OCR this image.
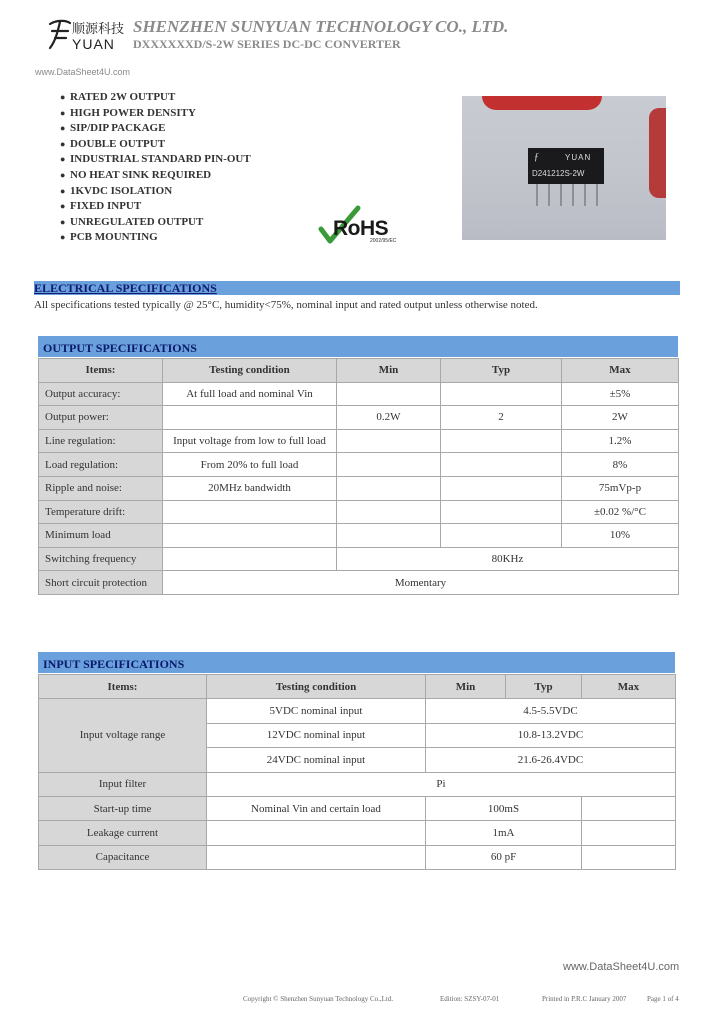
顺源科技
YUAN
SHENZHEN SUNYUAN TECHNOLOGY CO., LTD.
DXXXXXXD/S-2W SERIES DC-DC CONVERTER
www.DataSheet4U.com
● RATED 2W OUTPUT
● HIGH POWER DENSITY
● SIP/DIP PACKAGE
● DOUBLE OUTPUT
● INDUSTRIAL STANDARD PIN-OUT
● NO HEAT SINK REQUIRED
● 1KVDC ISOLATION
● FIXED INPUT
● UNREGULATED OUTPUT
● PCB MOUNTING	RoHS
2002/95/EC
ƒ	YUAN
D241212S-2W
ELECTRICAL SPECIFICATIONS
All specifications tested typically @ 25°C, humidity<75%, nominal input and rated output unless otherwise noted.
OUTPUT SPECIFICATIONS
Items:	Testing condition	Min	Typ	Max
Output accuracy:	At full load and nominal Vin			±5%
Output power:		0.2W	2	2W
Line regulation:	Input voltage from low to full load			1.2%
Load regulation:	From 20% to full load			8%
Ripple and noise:	20MHz bandwidth			75mVp-p
Temperature drift:				±0.02 %/°C
Minimum load				10%
Switching frequency		80KHz		
Short circuit protection	Momentary			
INPUT SPECIFICATIONS
Items:	Testing condition	Min	Typ	Max
Input voltage range	5VDC nominal input	4.5-5.5VDC		
	12VDC nominal input	10.8-13.2VDC		
	24VDC nominal input	21.6-26.4VDC		
Input filter	Pi			
Start-up time	Nominal Vin and certain load	100mS		
Leakage current		1mA		
Capacitance		60 pF		
www.DataSheet4U.com
Copyright © Shenzhen Sunyuan Technology Co.,Ltd.	Edition: SZSY-07-01	Printed in P.R.C January 2007	Page 1 of 4
